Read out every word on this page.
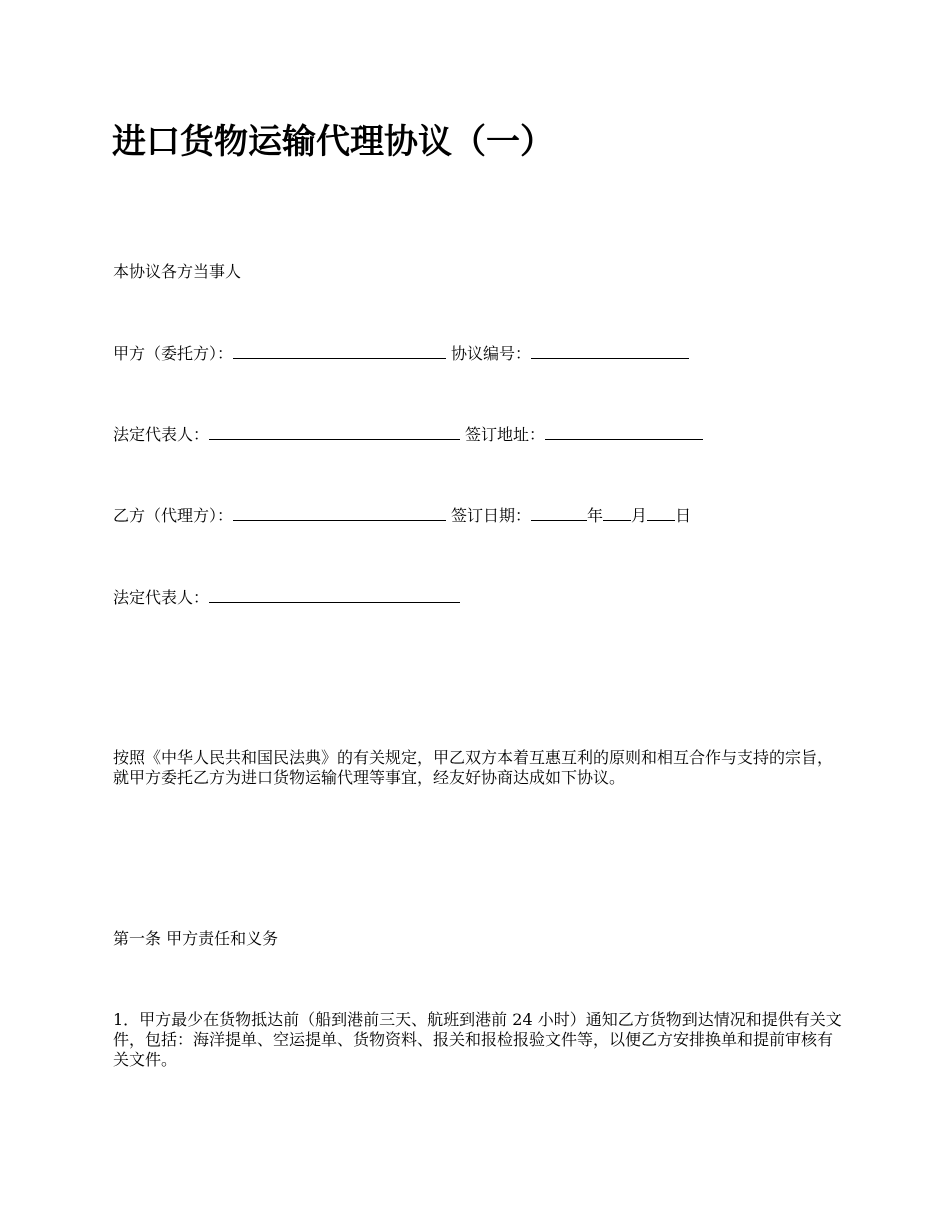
进口货物运输代理协议（一）
本协议各方当事人
甲方（委托方）：	协议编号：
法定代表人：	签订地址：
乙方（代理方）：	签订日期：	年 月 日
法定代表人：
按照《中华人民共和国民法典》的有关规定，甲乙双方本着互惠互利的原则和相互合作与支持的宗旨，就甲方委托乙方为进口货物运输代理等事宜，经友好协商达成如下协议。
第一条 甲方责任和义务
1．甲方最少在货物抵达前（船到港前三天、航班到港前 24 小时）通知乙方货物到达情况和提供有关文件，包括：海洋提单、空运提单、货物资料、报关和报检报验文件等，以便乙方安排换单和提前审核有关文件。
